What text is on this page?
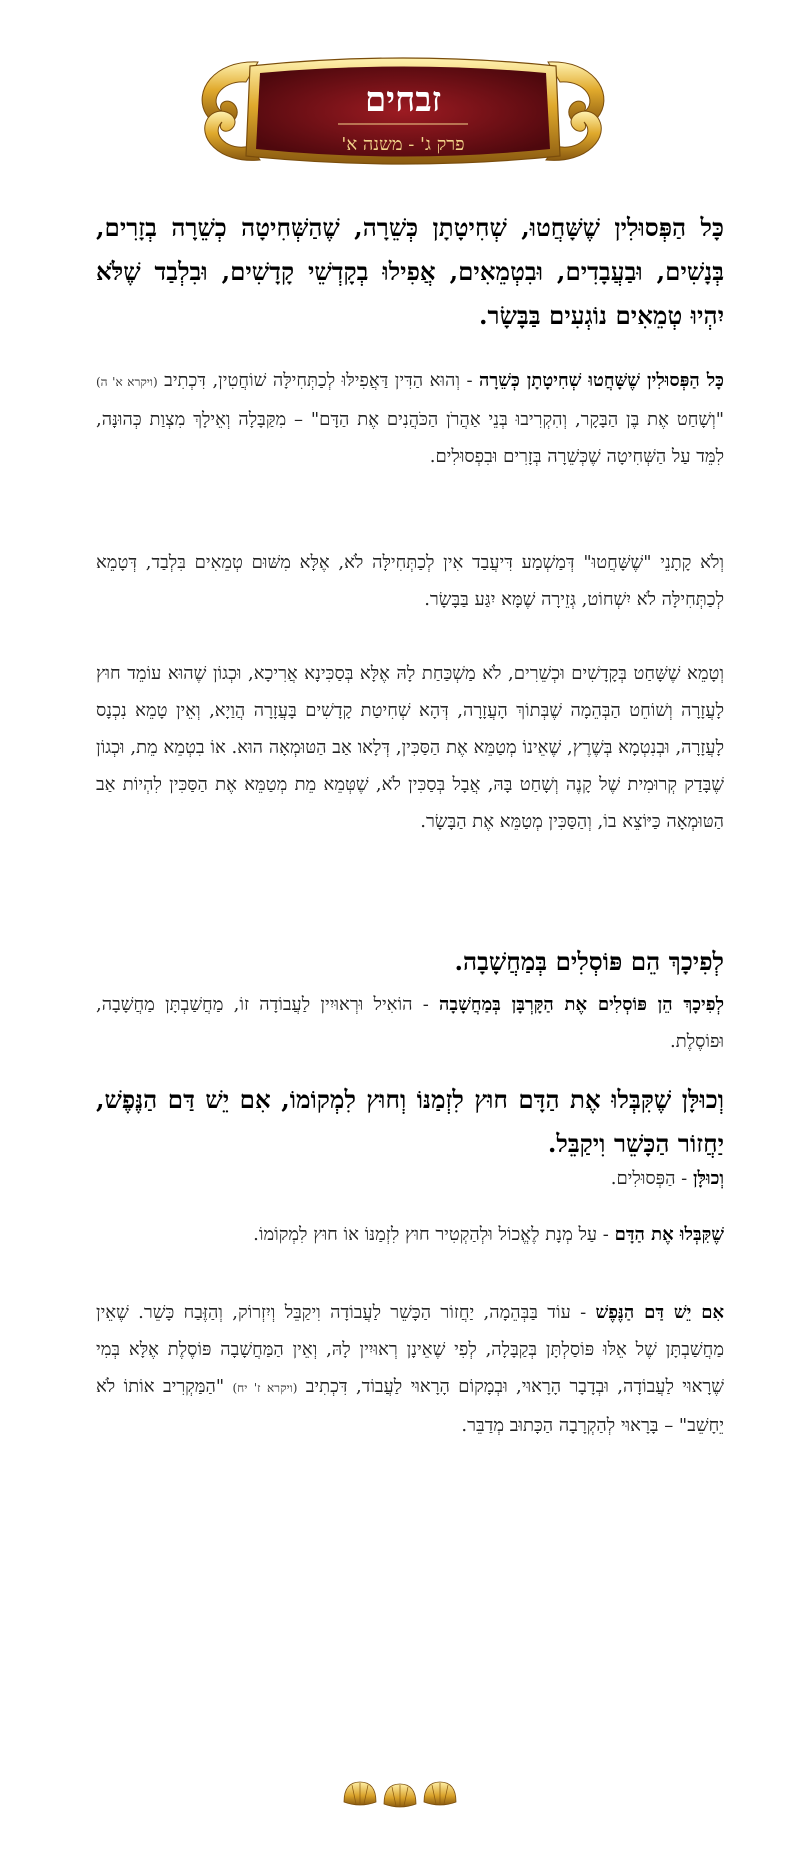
זבחים
פרק ג' - משנה א'
כָּל הַפְּסוּלִין שֶׁשָּׁחֲטוּ, שְׁחִיטָתָן כְּשֵׁרָה, שֶׁהַשְּׁחִיטָה כְשֵׁרָה בְזָרִים, בְּנָשִׁים, וּבַעֲבָדִים, וּבִטְמֵאִים, אֲפִילוּ בְקָדְשֵׁי קָדָשִׁים, וּבִלְבַד שֶׁלֹּא יִהְיוּ טְמֵאִים נוֹגְעִים בַּבָּשָׂר.
כָּל הַפְּסוּלִין שֶׁשָּׁחֲטוּ שְׁחִיטָתָן כְּשֵׁרָה - וְהוּא הַדִּין דַּאֲפִילּוּ לְכַתְּחִילָּה שׁוֹחֲטִין, דִּכְתִיב (ויקרא א' ה) "וְשָׁחַט אֶת בֶּן הַבָּקָר, וְהִקְרִיבוּ בְּנֵי אַהֲרֹן הַכֹּהֲנִים אֶת הַדָּם" – מִקַּבָּלָה וְאֵילָךְ מִצְוַת כְּהוּנָּה, לִמֵּד עַל הַשְּׁחִיטָה שֶׁכְּשֵׁרָה בְּזָרִים וּבִפְסוּלִים.
וְלֹא קָתָנֵי "שֶׁשָּׁחֲטוּ" דְּמַשְׁמַע דִּיעֲבַד אִין לְכַתְּחִילָּה לֹא, אֶלָּא מִשּׁוּם טְמֵאִים בִּלְבַד, דְּטָמֵא לְכַתְּחִילָּה לֹא יִשְׁחוֹט, גְּזֵירָה שֶׁמָּא יִגַּע בַּבָּשָׂר.
וְטָמֵא שֶׁשָּׁחַט בְּקָדָשִׁים וּכְשֵׁרִים, לֹא מַשְׁכַּחַת לָהּ אֶלָּא בְּסַכִּינָא אֲרִיכָא, וּכְגוֹן שֶׁהוּא עוֹמֵד חוּץ לָעֲזָרָה וְשׁוֹחֵט הַבְּהֵמָה שֶׁבְּתוֹךְ הָעֲזָרָה, דְּהָא שְׁחִיטַת קָדָשִׁים בָּעֲזָרָה הֲוַיָא, וְאֵין טָמֵא נִכְנָס לָעֲזָרָה, וּבְנִטְמָא בְּשֶׁרֶץ, שֶׁאֵינוֹ מְטַמֵּא אֶת הַסַּכִּין, דְּלָאו אַב הַטּוּמְאָה הוּא. אוֹ בִטְמֵא מֵת, וּכְגוֹן שֶׁבָּדַק קְרוּמִית שֶׁל קָנֶה וְשָׁחַט בָּהּ, אֲבָל בְּסַכִּין לֹא, שֶׁטְּמֵא מֵת מְטַמֵּא אֶת הַסַּכִּין לִהְיוֹת אַב הַטּוּמְאָה כַּיּוֹצֵא בוֹ, וְהַסַּכִּין מְטַמֵּא אֶת הַבָּשָׂר.
לְפִיכָךְ הֵם פּוֹסְלִים בְּמַחֲשָׁבָה.
לְפִיכָךְ הֵן פּוֹסְלִים אֶת הַקָּרְבָּן בְּמַחֲשָׁבָה - הוֹאִיל וּרְאוּיִין לַעֲבוֹדָה זוֹ, מַחֲשַׁבְתָּן מַחֲשָׁבָה, וּפוֹסֶלֶת.
וְכוּלָּן שֶׁקִּבְּלוּ אֶת הַדָּם חוּץ לִזְמַנּוֹ וְחוּץ לִמְקוֹמוֹ, אִם יֵשׁ דַּם הַנֶּפֶשׁ, יַחֲזוֹר הַכָּשֵׁר וִיקַבֵּל.
וְכוּלָּן - הַפְּסוּלִים.
שֶׁקִּבְּלוּ אֶת הַדָּם - עַל מְנָת לֶאֱכוֹל וּלְהַקְטִיר חוּץ לִזְמַנּוֹ אוֹ חוּץ לִמְקוֹמוֹ.
אִם יֵשׁ דַּם הַנֶּפֶשׁ - עוֹד בַּבְּהֵמָה, יַחֲזוֹר הַכָּשֵׁר לַעֲבוֹדָה וִיקַבֵּל וְיִזְרוֹק, וְהַזֶּבַח כָּשֵׁר. שֶׁאֵין מַחֲשַׁבְתָּן שֶׁל אֵלּוּ פּוֹסַלְתָּן בְּקַבָּלָה, לְפִי שֶׁאֵינָן רְאוּיִין לָהּ, וְאֵין הַמַּחֲשָׁבָה פּוֹסֶלֶת אֶלָּא בְּמִי שֶׁרָאוּי לַעֲבוֹדָה, וּבְדָבָר הָרָאוּי, וּבְמָקוֹם הָרָאוּי לַעֲבוֹד, דִּכְתִיב (ויקרא ז' יח) "הַמַּקְרִיב אוֹתוֹ לֹא יֵחָשֵׁב" – בָּרָאוּי לְהַקְרָבָה הַכָּתוּב מְדַבֵּר.
